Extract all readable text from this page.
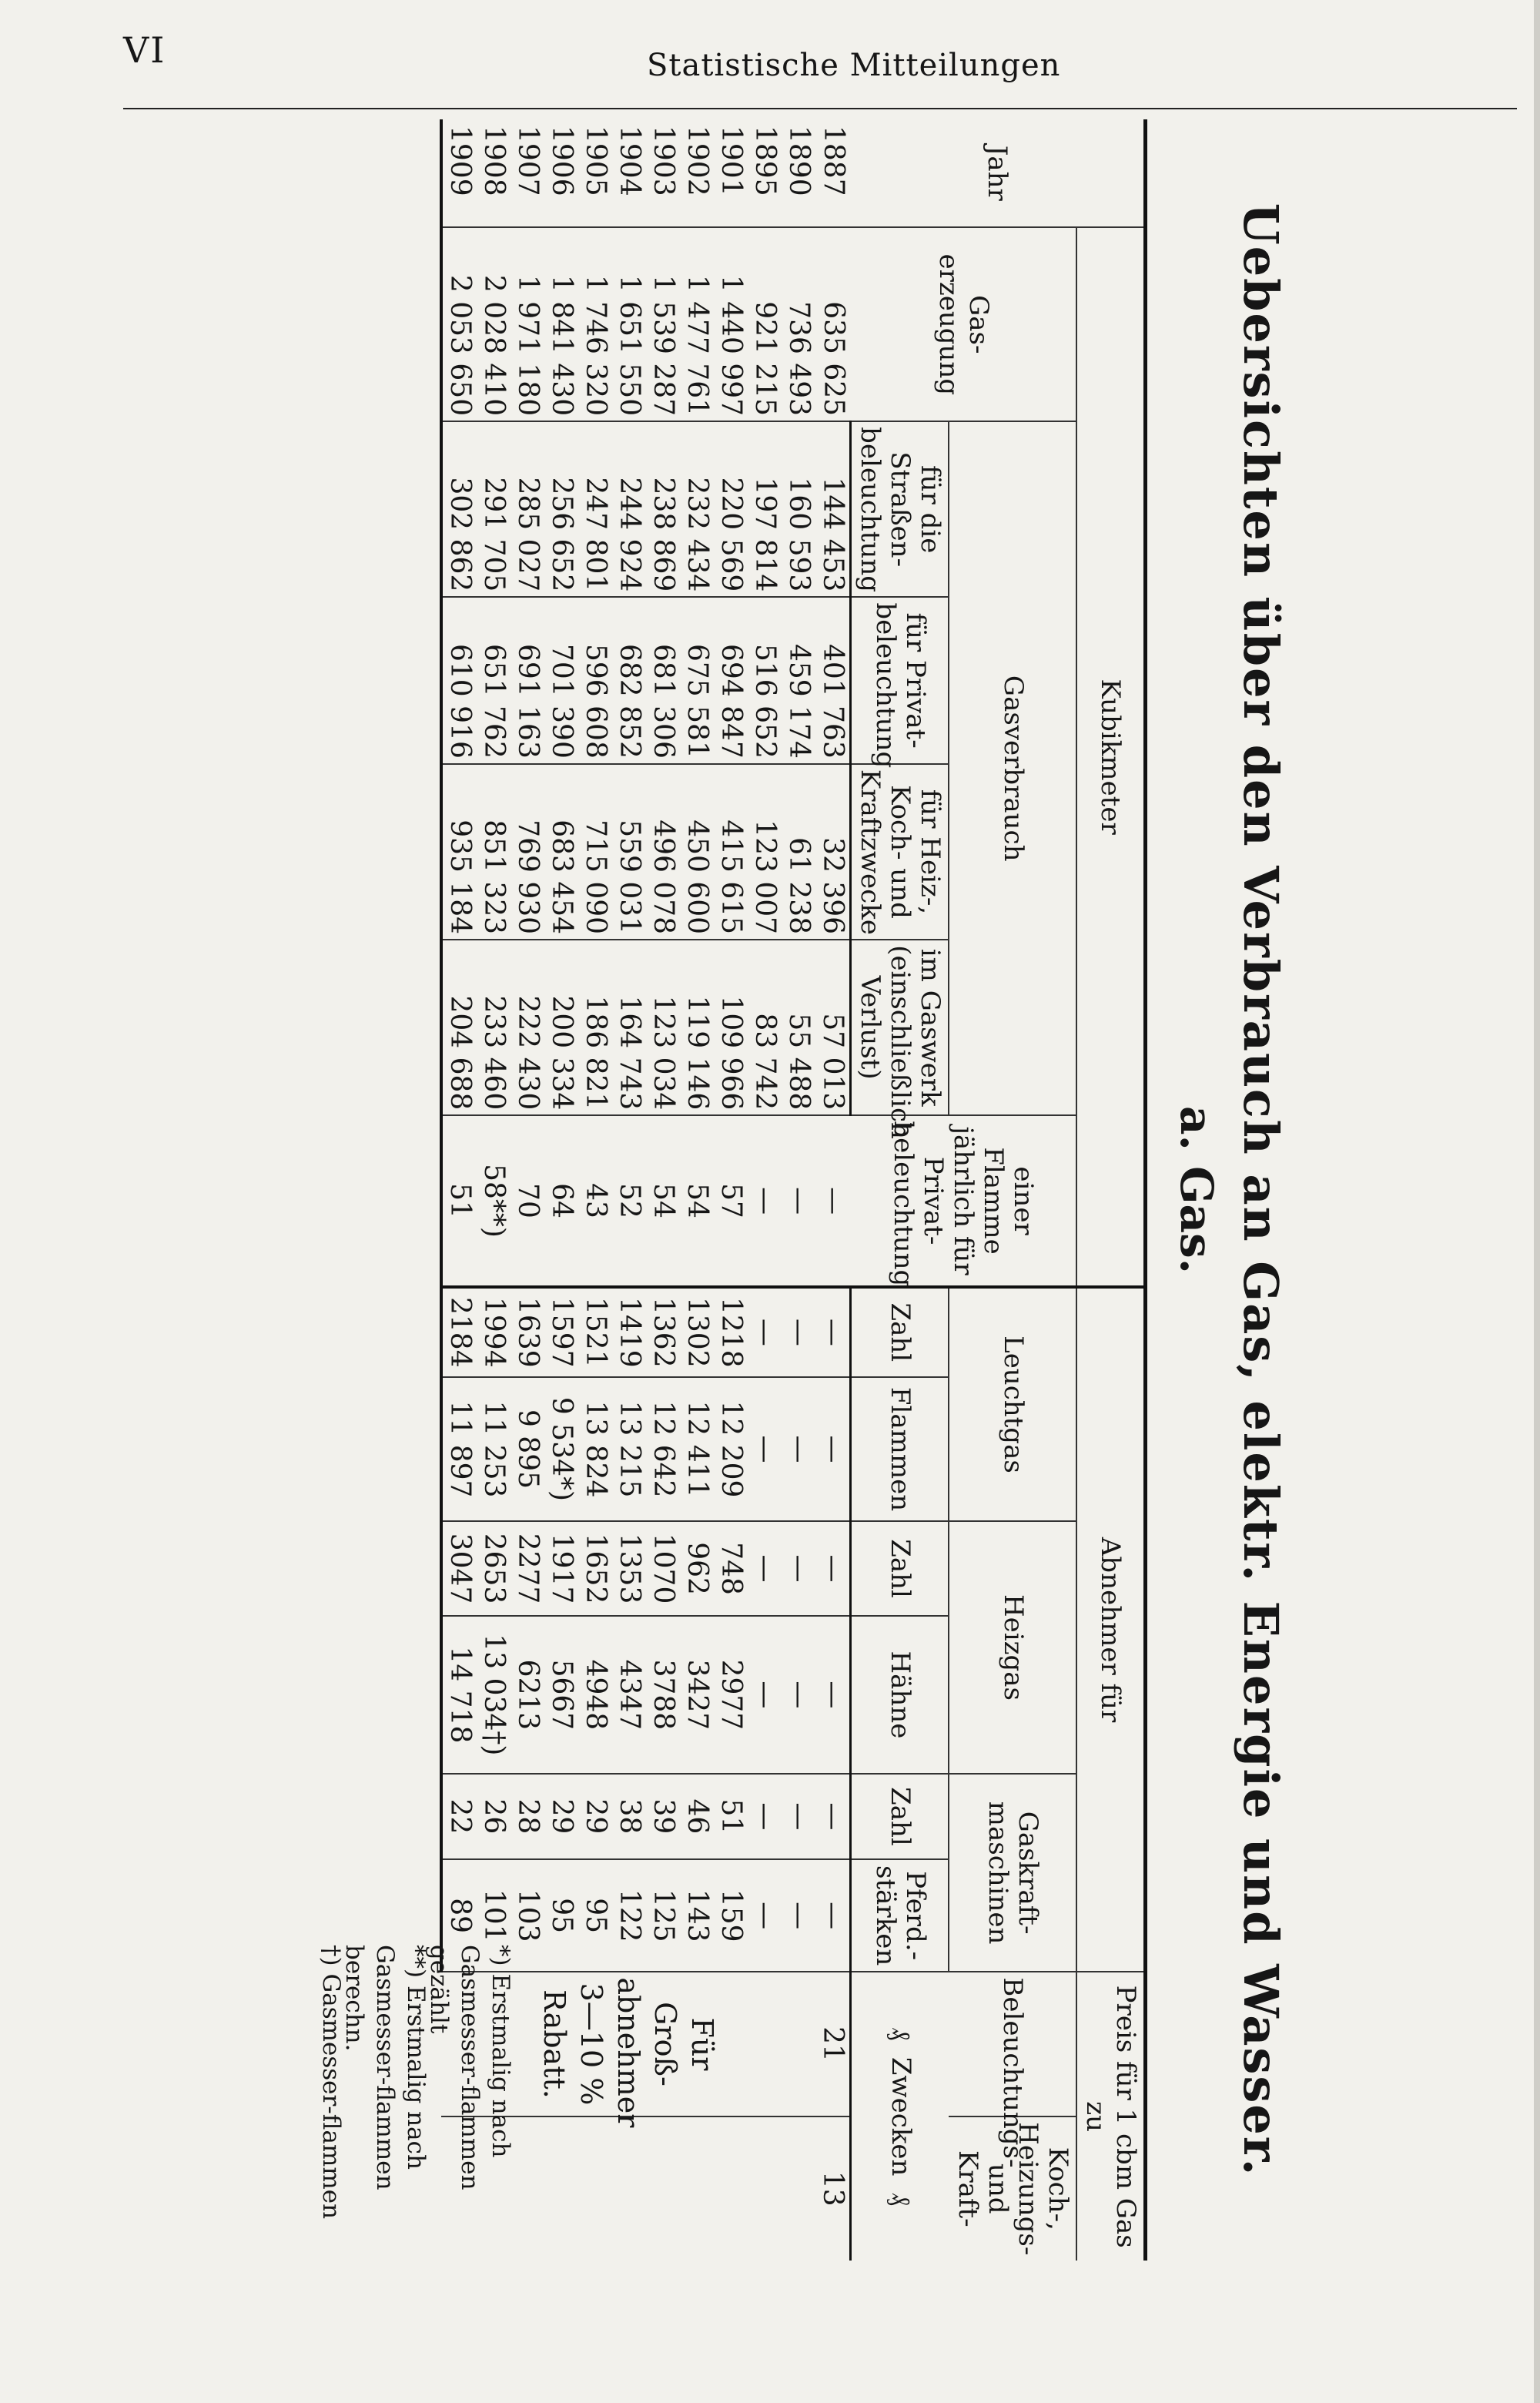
VI	Statistische Mitteilungen
Uebersichten über den Verbrauch an Gas, elektr. Energie und Wasser.
a. Gas.
Jahr	Kubikmeter						Abnehmer für						Preis für 1 cbm Gas zu	
	Gas-erzeugung	Gasverbrauch				einer Flamme jährlich für Privat-beleuchtung	Leuchtgas		Heizgas		Gaskraft-maschinen		Beleuchtungs-	Koch-, Heizungs- und Kraft-
		für die Straßen-beleuchtung	für Privat-beleuchtung	für Heiz-, Koch- und Kraftzwecke	im Gaswerk (einschließlich Verlust)		Zahl	Flammen	Zahl	Hähne	Zahl	Pferd.-stärken	₰  Zwecken  ₰	
1887	635 625	144 453	401 763	32 396	57 013	—	—	—	—	—	—	—	21	13
1890	736 493	160 593	459 174	61 238	55 488	—	—	—	—	—	—	—	Für Groß-abnehmer 3—10 % Rabatt.	
1895	921 215	197 814	516 652	123 007	83 742	—	—	—	—	—	—	—		
1901	1 440 997	220 569	694 847	415 615	109 966	57	1218	12 209	748	2977	51	159		
1902	1 477 761	232 434	675 581	450 600	119 146	54	1302	12 411	962	3427	46	143		
1903	1 539 287	238 869	681 306	496 078	123 034	54	1362	12 642	1070	3788	39	125		
1904	1 651 550	244 924	682 852	559 031	164 743	52	1419	13 215	1353	4347	38	122		
1905	1 746 320	247 801	596 608	715 090	186 821	43	1521	13 824	1652	4948	29	95		
1906	1 841 430	256 652	701 390	683 454	200 334	64	1597	9 534*)	1917	5667	29	95		
1907	1 971 180	285 027	691 163	769 930	222 430	70	1639	9 895	2277	6213	28	103		
1908	2 028 410	291 705	651 762	851 323	233 460	58**)	1994	11 253	2653	13 034†)	26	101		
1909	2 053 650	302 862	610 916	935 184	204 688	51	2184	11 897	3047	14 718	22	89		
*) Erstmalig nach Gasmesser-flammen gezählt
**) Erstmalig nach Gasmesser-flammen berechn.
†) Gasmesser-flammen
